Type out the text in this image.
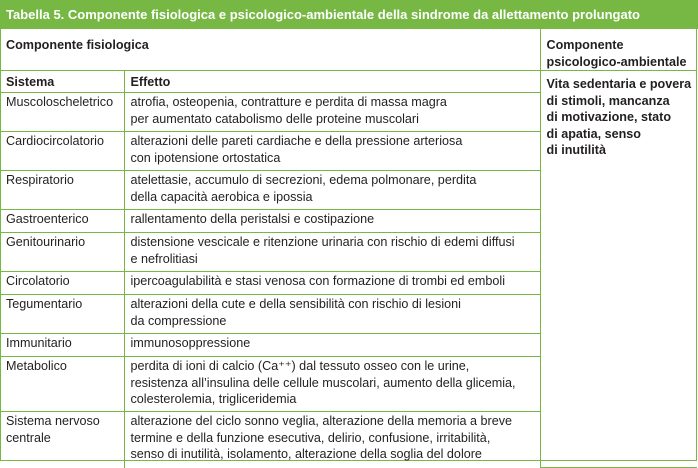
Tabella 5. Componente fisiologica e psicologico-ambientale della sindrome da allettamento prolungato
Componente fisiologica		Componente
psicologico-ambientale

Sistema	Effetto	Vita sedentaria e povera
di stimoli, mancanza
di motivazione, stato
di apatia, senso
di inutilità

Muscoloscheletrico	atrofia, osteopenia, contratture e perdita di massa magra
per aumentato catabolismo delle proteine muscolari	

Cardiocircolatorio	alterazioni delle pareti cardiache e della pressione arteriosa
con ipotensione ortostatica	

Respiratorio	atelettasie, accumulo di secrezioni, edema polmonare, perdita
della capacità aerobica e ipossia	

Gastroenterico	rallentamento della peristalsi e costipazione	

Genitourinario	distensione vescicale e ritenzione urinaria con rischio di edemi diffusi
e nefrolitiasi	

Circolatorio	ipercoagulabilità e stasi venosa con formazione di trombi ed emboli	

Tegumentario	alterazioni della cute e della sensibilità con rischio di lesioni
da compressione	

Immunitario	immunosoppressione	

Metabolico	perdita di ioni di calcio (Ca⁺⁺) dal tessuto osseo con le urine,
resistenza all’insulina delle cellule muscolari, aumento della glicemia,
colesterolemia, trigliceridemia	

Sistema nervoso
centrale	alterazione del ciclo sonno veglia, alterazione della memoria a breve
termine e della funzione esecutiva, delirio, confusione, irritabilità,
senso di inutilità, isolamento, alterazione della soglia del dolore	
